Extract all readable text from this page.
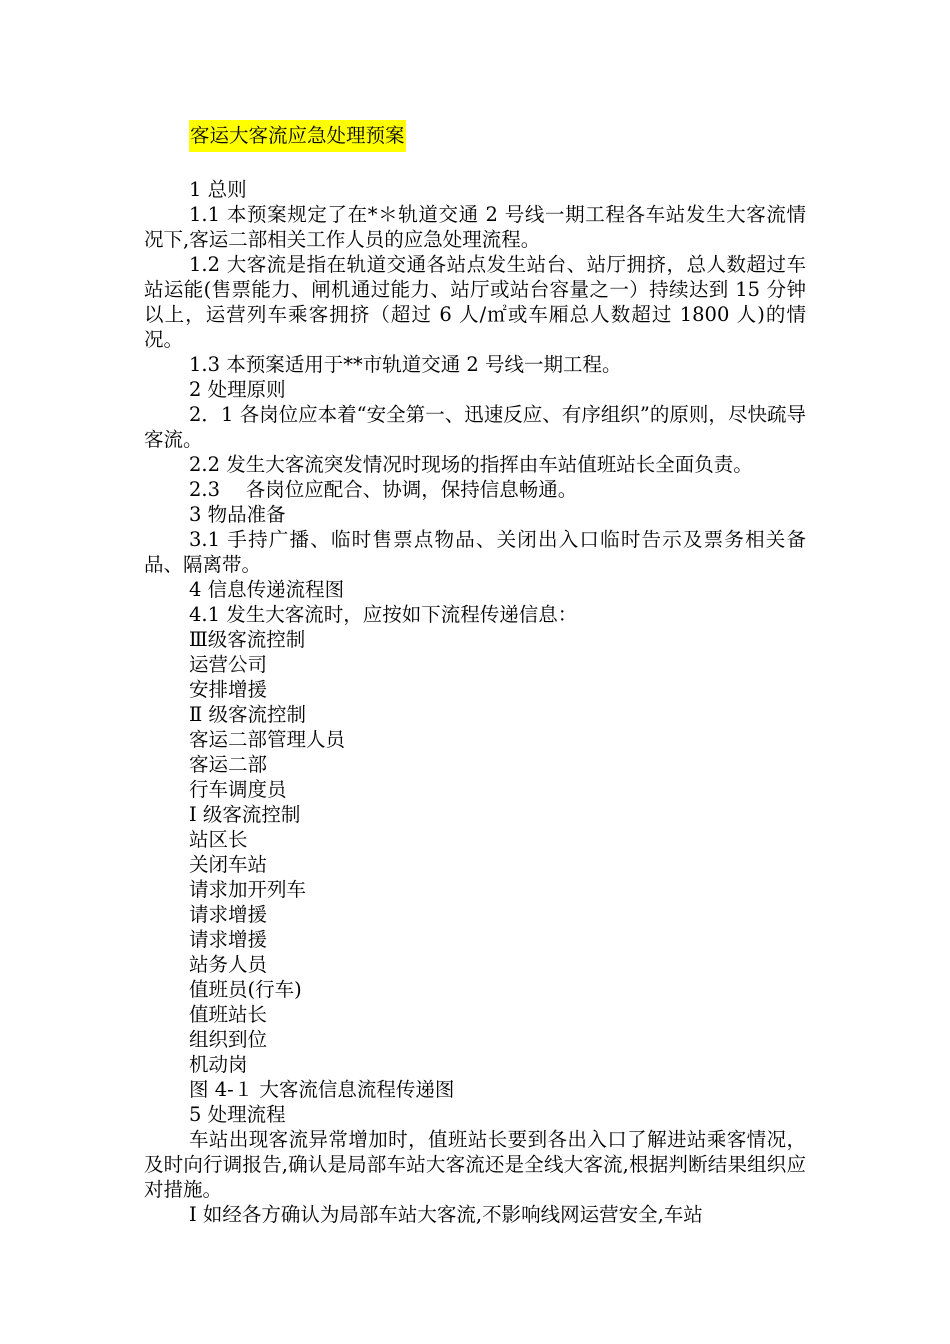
客运大客流应急处理预案

1 总则

1.1 本预案规定了在*＊轨道交通 2 号线一期工程各车站发生大客流情况下,客运二部相关工作人员的应急处理流程。

1.2 大客流是指在轨道交通各站点发生站台、站厅拥挤，总人数超过车站运能(售票能力、闸机通过能力、站厅或站台容量之一）持续达到 15 分钟以上，运营列车乘客拥挤（超过 6 人/㎡或车厢总人数超过 1800 人)的情况。

1.3 本预案适用于**市轨道交通 2 号线一期工程。

2 处理原则

2．1 各岗位应本着“安全第一、迅速反应、有序组织”的原则，尽快疏导客流。

2.2 发生大客流突发情况时现场的指挥由车站值班站长全面负责。

2.3　 各岗位应配合、协调，保持信息畅通。

3 物品准备

3.1 手持广播、临时售票点物品、关闭出入口临时告示及票务相关备品、隔离带。

4 信息传递流程图

4.1 发生大客流时，应按如下流程传递信息：

Ⅲ级客流控制

运营公司

安排增援

Ⅱ 级客流控制

客运二部管理人员

客运二部

行车调度员

Ⅰ 级客流控制

站区长

关闭车站

请求加开列车

请求增援

请求增援

站务人员

值班员(行车)

值班站长

组织到位

机动岗

图 4-１ 大客流信息流程传递图

5 处理流程

车站出现客流异常增加时，值班站长要到各出入口了解进站乘客情况，及时向行调报告,确认是局部车站大客流还是全线大客流,根据判断结果组织应对措施。

Ⅰ 如经各方确认为局部车站大客流,不影响线网运营安全,车站
